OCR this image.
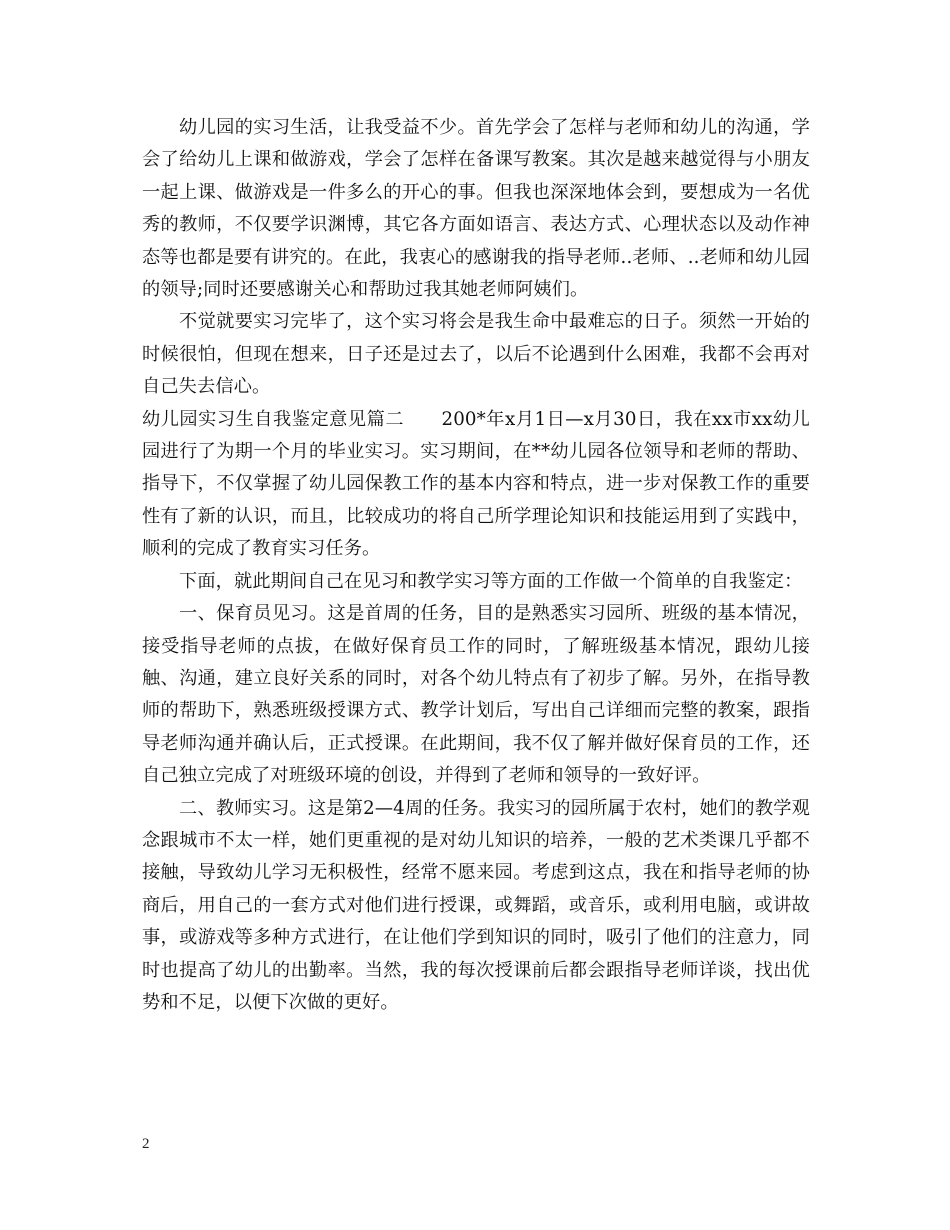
幼儿园的实习生活，让我受益不少。首先学会了怎样与老师和幼儿的沟通，学会了给幼儿上课和做游戏，学会了怎样在备课写教案。其次是越来越觉得与小朋友一起上课、做游戏是一件多么的开心的事。但我也深深地体会到，要想成为一名优秀的教师，不仅要学识渊博，其它各方面如语言、表达方式、心理状态以及动作神态等也都是要有讲究的。在此，我衷心的感谢我的指导老师..老师、..老师和幼儿园的领导;同时还要感谢关心和帮助过我其她老师阿姨们。

不觉就要实习完毕了，这个实习将会是我生命中最难忘的日子。须然一开始的时候很怕，但现在想来，日子还是过去了，以后不论遇到什么困难，我都不会再对自己失去信心。

幼儿园实习生自我鉴定意见篇二　　200*年x月1日—x月30日，我在xx市xx幼儿园进行了为期一个月的毕业实习。实习期间，在**幼儿园各位领导和老师的帮助、指导下，不仅掌握了幼儿园保教工作的基本内容和特点，进一步对保教工作的重要性有了新的认识，而且，比较成功的将自己所学理论知识和技能运用到了实践中，顺利的完成了教育实习任务。

下面，就此期间自己在见习和教学实习等方面的工作做一个简单的自我鉴定：

一、保育员见习。这是首周的任务，目的是熟悉实习园所、班级的基本情况，接受指导老师的点拔，在做好保育员工作的同时，了解班级基本情况，跟幼儿接触、沟通，建立良好关系的同时，对各个幼儿特点有了初步了解。另外，在指导教师的帮助下，熟悉班级授课方式、教学计划后，写出自己详细而完整的教案，跟指导老师沟通并确认后，正式授课。在此期间，我不仅了解并做好保育员的工作，还自己独立完成了对班级环境的创设，并得到了老师和领导的一致好评。

二、教师实习。这是第2—4周的任务。我实习的园所属于农村，她们的教学观念跟城市不太一样，她们更重视的是对幼儿知识的培养，一般的艺术类课几乎都不接触，导致幼儿学习无积极性，经常不愿来园。考虑到这点，我在和指导老师的协商后，用自己的一套方式对他们进行授课，或舞蹈，或音乐，或利用电脑，或讲故事，或游戏等多种方式进行，在让他们学到知识的同时，吸引了他们的注意力，同时也提高了幼儿的出勤率。当然，我的每次授课前后都会跟指导老师详谈，找出优势和不足，以便下次做的更好。

2
